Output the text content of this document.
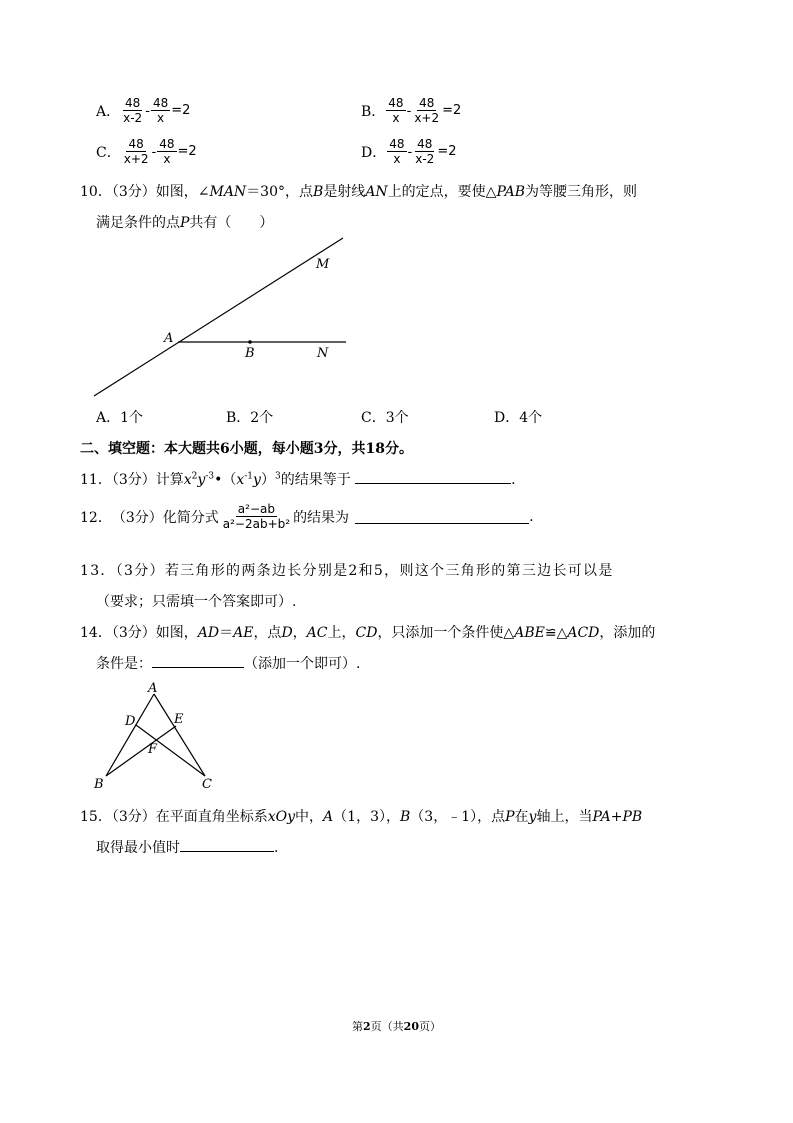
A． $\frac{48}{x-2} - \frac{48}{x} =2$	B． $\frac{48}{x} - \frac{48}{x+2} =2$
C． $\frac{48}{x+2} - \frac{48}{x} =2$	D． $\frac{48}{x} - \frac{48}{x-2} =2$
10．（3分）如图，∠MAN＝30°，点B是射线AN上的定点，要使△PAB为等腰三角形，则
满足条件的点P共有（　　）
M
A
B	N
A．1个	B．2个	C．3个	D．4个
二、填空题：本大题共6小题，每小题3分，共18分。
11．（3分）计算$x^2y^{-3}•(x^{-1}y)^3$的结果等于	.
12． （3分） 化简分式 $\frac{\text{a²−ab}}{\text{a²−2ab+b²}}$ 的结果为	.
13．（3分）若三角形的两条边长分别是2和5，则这个三角形的第三边长可以是
（要求；只需填一个答案即可）.
14．（3分）如图，AD＝AE，点D，AC上，CD，只添加一个条件使△ABE≌△ACD，添加的
条件是：	（添加一个即可）.
A
D	E
F
B	C
15．（3分）在平面直角坐标系xOy中，A（1，3），B（3，﹣1），点P在y轴上，当PA+PB
取得最小值时	.
第2页（共20页）
